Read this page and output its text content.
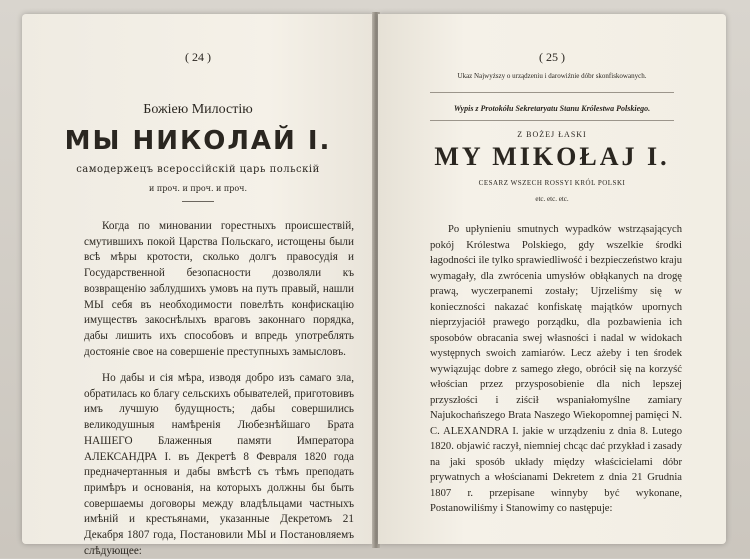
( 24 )
Божiею Милостiю
МЫ НИКОЛАЙ I.
самодержецъ всероссiйскiй царь польскiй
и проч. и проч. и проч.

Когда по миновании горестныхъ происшествiй, смутившихъ покой Царства Польскаго, истощены были всѣ мѣры кротости, сколько долгъ правосудiя и Государственной безопасности дозволяли къ возвращенiю заблудшихъ умовъ на путь правый, нашли МЫ себя въ необходимости повелѣть конфискацiю имуществъ закоснѣлыхъ враговъ законнаго порядка, дабы лишить ихъ способовъ и впредь употреблять достоянiе свое на совершенiе преступныхъ замысловъ.

Но дабы и сiя мѣра, изводя добро изъ самаго зла, обратилась ко благу сельскихъ обывателей, приготовивъ имъ лучшую будущность; дабы совершились великодушныя намѣренiя Любезнѣйшаго Брата НАШЕГО Блаженныя памяти Императора АЛЕКСАНДРА I. въ Декретѣ 8 Февраля 1820 года предначертанныя и дабы вмѣстѣ съ тѣмъ преподать примѣръ и основанiя, на которыхъ должны бы быть совершаемы договоры между владѣльцами частныхъ имѣнiй и крестьянами, указанные Декретомъ 21 Декабря 1807 года, Постановили МЫ и Постановляемъ слѣдующее:

( 25 )
Ukaz Najwyższy o urządzeniu i darowiźnie dóbr skonfiskowanych.
Wypis z Protokółu Sekretaryatu Stanu Królestwa Polskiego.
Z BOŻEJ ŁASKI
MY MIKOŁAJ I.
CESARZ WSZECH ROSSYI KRÓL POLSKI
etc. etc. etc.

Po upłynieniu smutnych wypadków wstrząsających pokój Królestwa Polskiego, gdy wszelkie środki łagodności ile tylko sprawiedliwość i bezpieczeństwo kraju wymagały, dla zwrócenia umysłów obłąkanych na drogę prawą, wyczerpanemi zostały; Ujrzeliśmy się w konieczności nakazać konfiskatę majątków upornych nieprzyjaciół prawego porządku, dla pozbawienia ich sposobów obracania swej własności i nadal w widokach występnych swoich zamiarów. Lecz ażeby i ten środek wywiązując dobre z samego złego, obrócił się na korzyść włościan przez przysposobienie dla nich lepszej przyszłości i ziścił wspaniałomyślne zamiary Najukochańszego Brata Naszego Wiekopomnej pamięci N. C. ALEXANDRA I. jakie w urządzeniu z dnia 8. Lutego 1820. objawić raczył, niemniej chcąc dać przykład i zasady na jaki sposób układy między właścicielami dóbr prywatnych a włościanami Dekretem z dnia 21 Grudnia 1807 r. przepisane winnyby być wykonane, Postanowiliśmy i Stanowimy co następuje:
